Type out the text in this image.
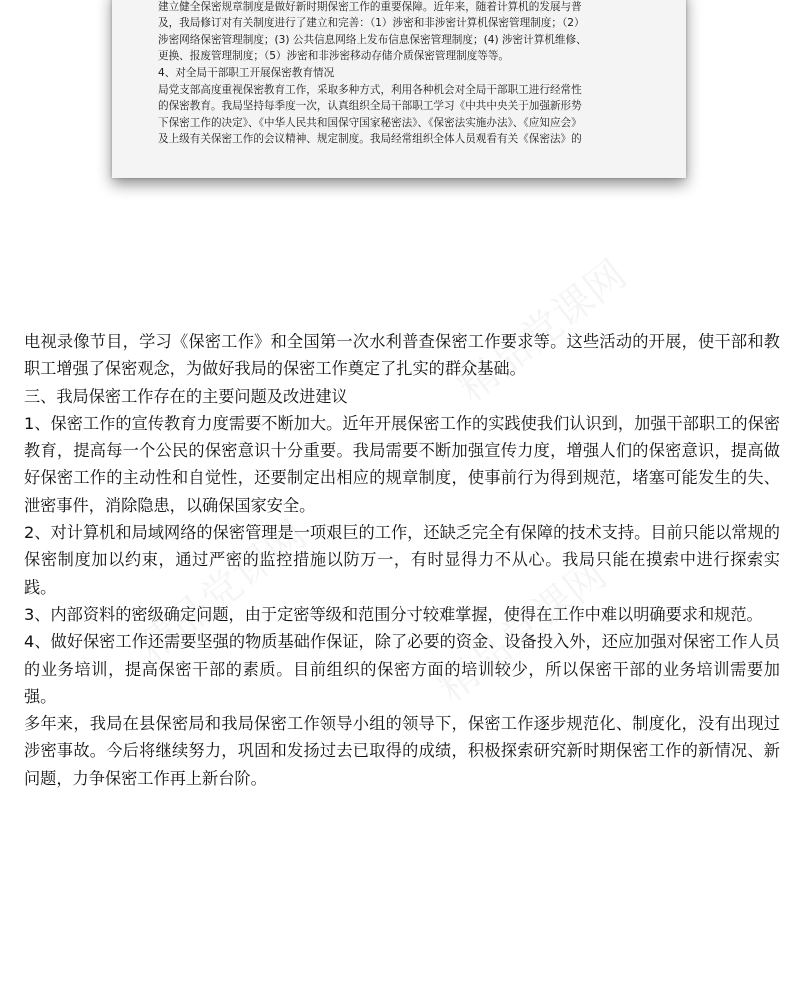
建立健全保密规章制度是做好新时期保密工作的重要保障。近年来，随着计算机的发展与普

及，我局修订对有关制度进行了建立和完善：（1）涉密和非涉密计算机保密管理制度；（2）

涉密网络保密管理制度；(3) 公共信息网络上发布信息保密管理制度；(4) 涉密计算机维修、

更换、报废管理制度；（5）涉密和非涉密移动存储介质保密管理制度等等。

4、对全局干部职工开展保密教育情况

局党支部高度重视保密教育工作，采取多种方式，利用各种机会对全局干部职工进行经常性

的保密教育。我局坚持每季度一次，认真组织全局干部职工学习《中共中央关于加强新形势

下保密工作的决定》、《中华人民共和国保守国家秘密法》、《保密法实施办法》、《应知应会》

及上级有关保密工作的会议精神、规定制度。我局经常组织全体人员观看有关《保密法》的

电视录像节目，学习《保密工作》和全国第一次水利普查保密工作要求等。这些活动的开展，使干部和教职工增强了保密观念，为做好我局的保密工作奠定了扎实的群众基础。

三、我局保密工作存在的主要问题及改进建议

1、保密工作的宣传教育力度需要不断加大。近年开展保密工作的实践使我们认识到，加强干部职工的保密教育，提高每一个公民的保密意识十分重要。我局需要不断加强宣传力度，增强人们的保密意识，提高做好保密工作的主动性和自觉性，还要制定出相应的规章制度，使事前行为得到规范，堵塞可能发生的失、泄密事件，消除隐患，以确保国家安全。

2、对计算机和局域网络的保密管理是一项艰巨的工作，还缺乏完全有保障的技术支持。目前只能以常规的保密制度加以约束，通过严密的监控措施以防万一，有时显得力不从心。我局只能在摸索中进行探索实践。

3、内部资料的密级确定问题，由于定密等级和范围分寸较难掌握，使得在工作中难以明确要求和规范。

4、做好保密工作还需要坚强的物质基础作保证，除了必要的资金、设备投入外，还应加强对保密工作人员的业务培训，提高保密干部的素质。目前组织的保密方面的培训较少，所以保密干部的业务培训需要加强。

多年来，我局在县保密局和我局保密工作领导小组的领导下，保密工作逐步规范化、制度化，没有出现过涉密事故。今后将继续努力，巩固和发扬过去已取得的成绩，积极探索研究新时期保密工作的新情况、新问题，力争保密工作再上新台阶。
